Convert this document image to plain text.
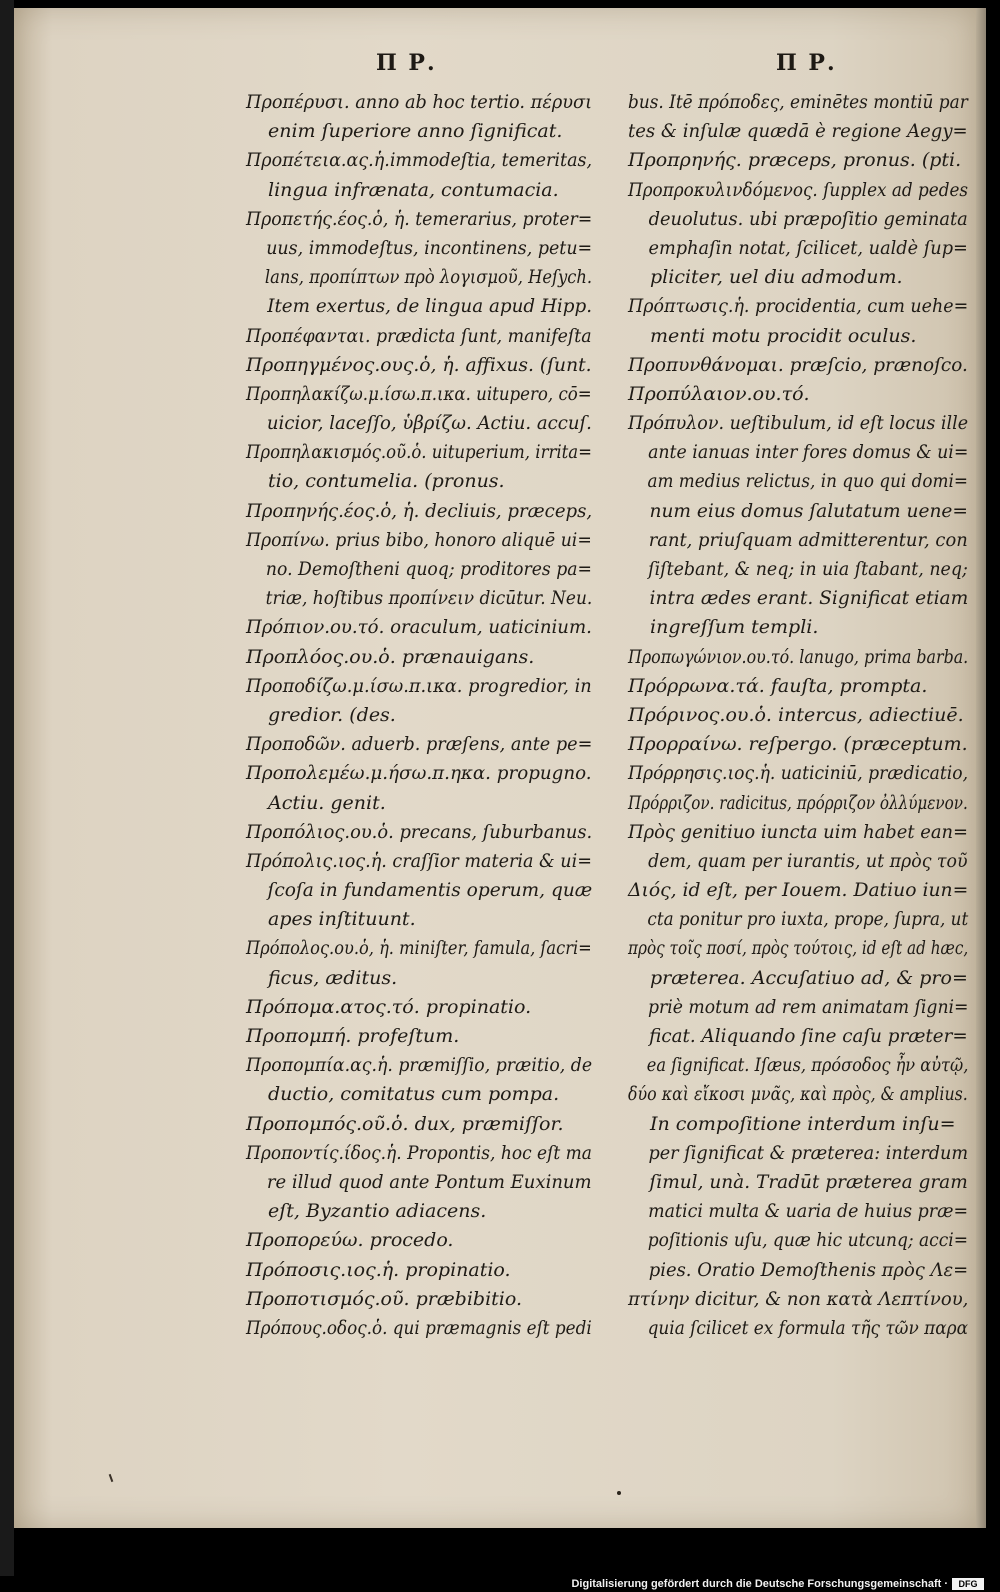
Π Ρ.	Π Ρ.
Προπέρυσι. anno ab hoc tertio. πέρυσι
enim ſuperiore anno ſignificat.
Προπέτεια.ας.ἡ.immodeſtia, temeritas,
lingua infrænata, contumacia.
Προπετής.έος.ὁ, ἡ. temerarius, proter=
uus, immodeſtus, incontinens, petu=
lans, προπίπτων πρὸ λογισμοῦ, Heſych.
Item exertus, de lingua apud Hipp.
Προπέφανται. prædicta ſunt, manifeſta
Προπηγμένος.ους.ὁ, ἡ. affixus. (ſunt.
Προπηλακίζω.μ.ίσω.π.ικα. uitupero, cō=
uicior, laceſſo, ὑβρίζω. Actiu. accuſ.
Προπηλακισμός.οῦ.ὁ. uituperium, irrita=
tio, contumelia. (pronus.
Προπηνής.έος.ὁ, ἡ. decliuis, præceps,
Προπίνω. prius bibo, honoro aliquē ui=
no. Demoſtheni quoq; proditores pa=
triæ, hoſtibus προπίνειν dicūtur. Neu.
Πρόπιον.ου.τό. oraculum, uaticinium.
Προπλόος.ου.ὁ. prænauigans.
Προποδίζω.μ.ίσω.π.ικα. progredior, in
gredior. (des.
Προποδῶν. aduerb. præſens, ante pe=
Προπολεμέω.μ.ήσω.π.ηκα. propugno.
Actiu. genit.
Προπόλιος.ου.ὁ. precans, ſuburbanus.
Πρόπολις.ιος.ἡ. craſſior materia & ui=
ſcoſa in fundamentis operum, quæ
apes inſtituunt.
Πρόπολος.ου.ὁ, ἡ. miniſter, famula, ſacri=
ficus, æditus.
Πρόπομα.ατος.τό. propinatio.
Προπομπή. profeſtum.
Προπομπία.ας.ἡ. præmiſſio, præitio, de
ductio, comitatus cum pompa.
Προπομπός.οῦ.ὁ. dux, præmiſſor.
Προποντίς.ίδος.ἡ. Propontis, hoc eſt ma
re illud quod ante Pontum Euxinum
eſt, Byzantio adiacens.
Προπορεύω. procedo.
Πρόποσις.ιος.ἡ. propinatio.
Προποτισμός.οῦ. præbibitio.
Πρόπους.οδος.ὁ. qui præmagnis eſt pedi
bus. Itē πρόποδες, eminētes montiū par
tes & inſulæ quædā è regione Aegy=
Προπρηνής. præceps, pronus. (pti.
Προπροκυλινδόμενος. ſupplex ad pedes
deuolutus. ubi præpoſitio geminata
emphaſin notat, ſcilicet, ualdè ſup=
pliciter, uel diu admodum.
Πρόπτωσις.ἡ. procidentia, cum uehe=
menti motu procidit oculus.
Προπυνθάνομαι. præſcio, prænoſco.
Προπύλαιον.ου.τό.
Πρόπυλον. ueſtibulum, id eſt locus ille
ante ianuas inter fores domus & ui=
am medius relictus, in quo qui domi=
num eius domus ſalutatum uene=
rant, priuſquam admitterentur, con
ſiſtebant, & neq; in uia ſtabant, neq;
intra ædes erant. Significat etiam
ingreſſum templi.
Προπωγώνιον.ου.τό. lanugo, prima barba.
Πρόρρωνα.τά. fauſta, prompta.
Πρόρινος.ου.ὁ. intercus, adiectiuē.
Προρραίνω. reſpergo. (præceptum.
Πρόρρησις.ιος.ἡ. uaticiniū, prædicatio,
Πρόρριζον. radicitus, πρόρριζον ὀλλύμενον.
Πρὸς genitiuo iuncta uim habet ean=
dem, quam per iurantis, ut πρὸς τοῦ
Διός, id eſt, per Iouem. Datiuo iun=
cta ponitur pro iuxta, prope, ſupra, ut
πρὸς τοῖς ποσί, πρὸς τούτοις, id eſt ad hæc,
præterea. Accuſatiuo ad, & pro=
priè motum ad rem animatam ſigni=
ficat. Aliquando ſine caſu præter=
ea ſignificat. Iſæus, πρόσοδος ἦν αὐτῷ,
δύο καὶ εἴκοσι μνᾶς, καὶ πρὸς, & amplius.
In compoſitione interdum inſu=
per ſignificat & præterea: interdum
ſimul, unà. Tradūt præterea gram
matici multa & uaria de huius præ=
poſitionis uſu, quæ hic utcunq; acci=
pies. Oratio Demoſthenis πρὸς Λε=
πτίνην dicitur, & non κατὰ Λεπτίνου,
quia ſcilicet ex formula τῆς τῶν παρα
Digitalisierung gefördert durch die Deutsche Forschungsgemeinschaft ·	DFG
